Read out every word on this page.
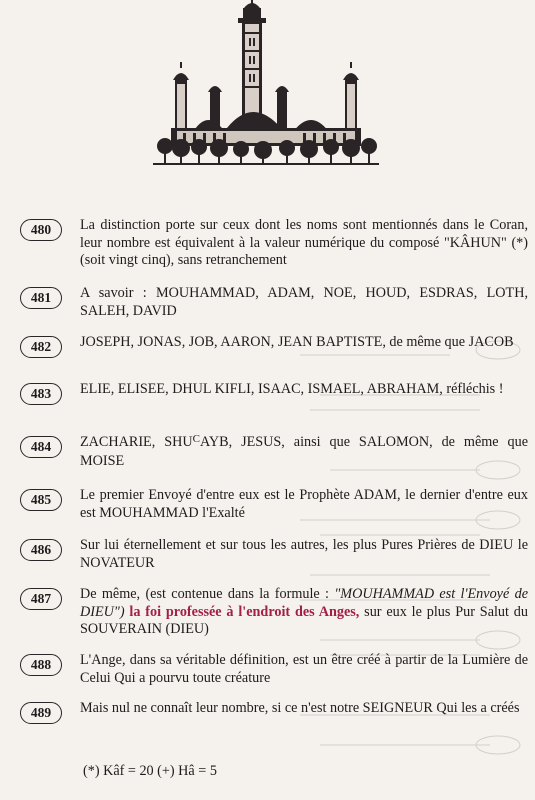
480	La distinction porte sur ceux dont les noms sont mentionnés dans le Coran, leur nombre est équivalent à la valeur numérique du composé "KÂHUN" (*) (soit vingt cinq), sans retranchement
481	A savoir : MOUHAMMAD, ADAM, NOE, HOUD, ESDRAS, LOTH, SALEH, DAVID
482	JOSEPH, JONAS, JOB, AARON, JEAN BAPTISTE, de même que JACOB
483	ELIE, ELISEE, DHUL KIFLI, ISAAC, ISMAEL, ABRAHAM, réfléchis !
484	ZACHARIE, $SHU^CAYB$, JESUS, ainsi que SALOMON, de même que MOISE
485	Le premier Envoyé d'entre eux est le Prophète ADAM, le dernier d'entre eux est MOUHAMMAD l'Exalté
486	Sur lui éternellement et sur tous les autres, les plus Pures Prières de DIEU le NOVATEUR
487	De même, (est contenue dans la formule : "MOUHAMMAD est l'Envoyé de DIEU") la foi professée à l'endroit des Anges, sur eux le plus Pur Salut du SOUVERAIN (DIEU)
488	L'Ange, dans sa véritable définition, est un être créé à partir de la Lumière de Celui Qui a pourvu toute créature
489	Mais nul ne connaît leur nombre, si ce n'est notre SEIGNEUR Qui les a créés
(*) Kâf = 20 (+) Hâ = 5
